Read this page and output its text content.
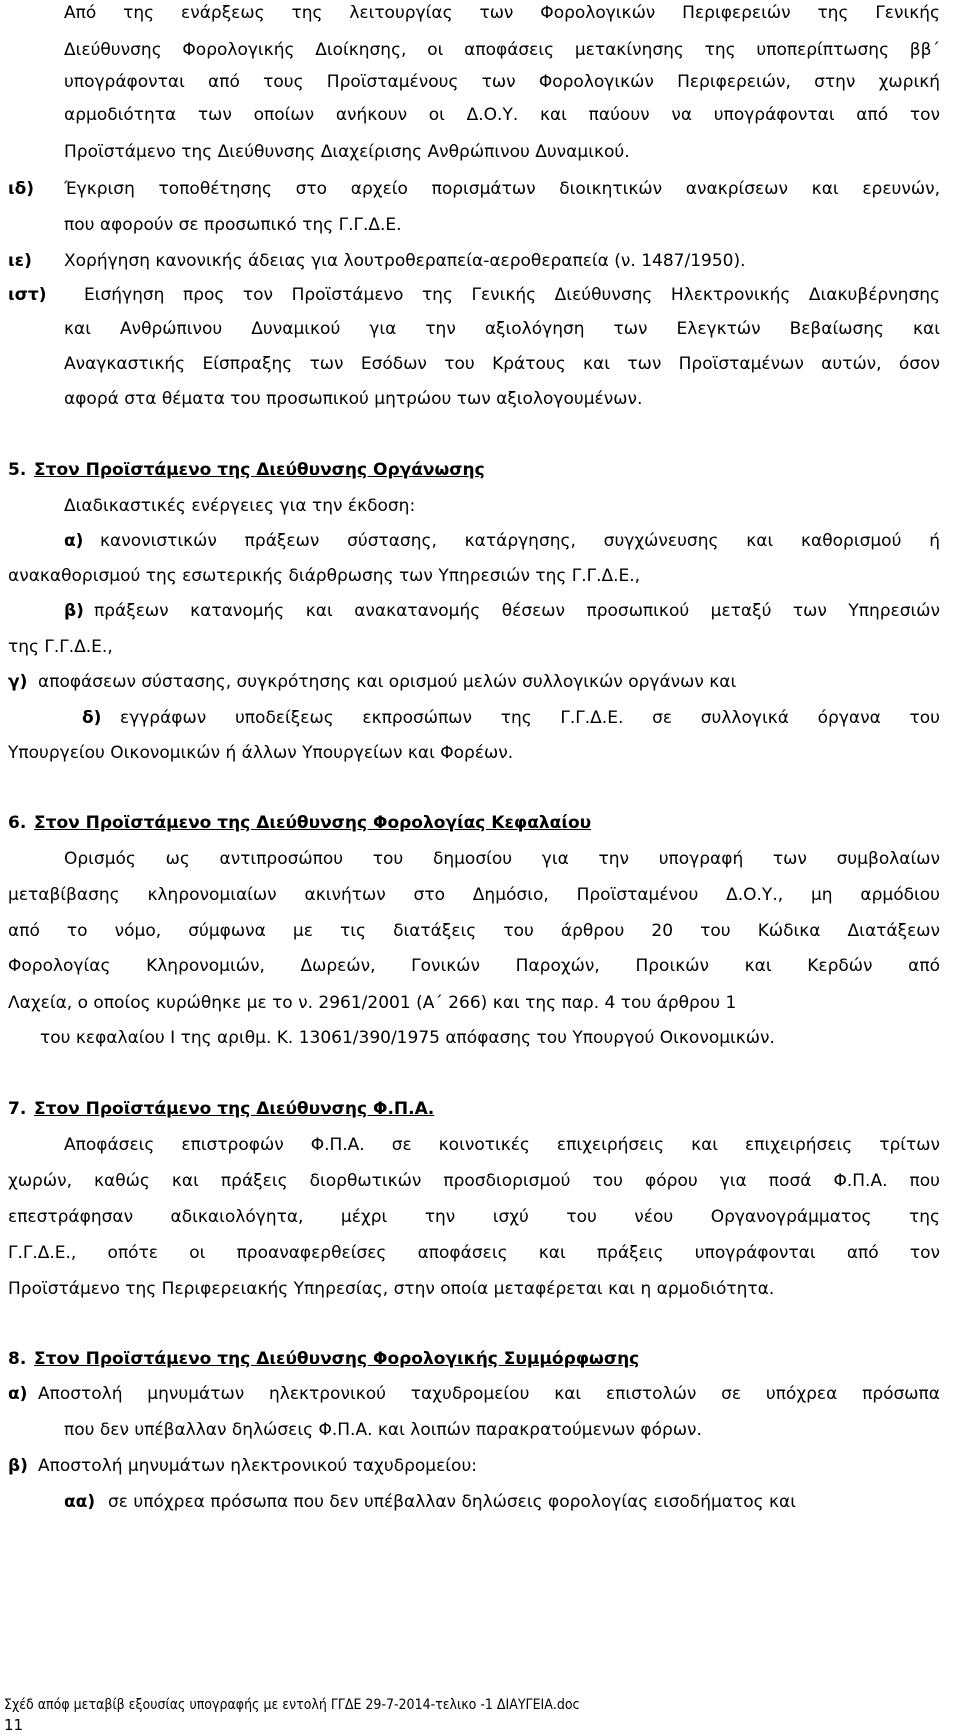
Από της ενάρξεως της λειτουργίας των Φορολογικών Περιφερειών της Γενικής
Διεύθυνσης Φορολογικής Διοίκησης, οι αποφάσεις μετακίνησης της υποπερίπτωσης ββ΄
υπογράφονται από τους Προϊσταμένους των Φορολογικών Περιφερειών, στην χωρική
αρμοδιότητα των οποίων ανήκουν οι Δ.Ο.Υ. και παύουν να υπογράφονται από τον
Προϊστάμενο της Διεύθυνσης Διαχείρισης Ανθρώπινου Δυναμικού.
ιδ) Έγκριση τοποθέτησης στο αρχείο πορισμάτων διοικητικών ανακρίσεων και ερευνών,
που αφορούν σε προσωπικό της Γ.Γ.Δ.Ε.
ιε) Χορήγηση κανονικής άδειας για λουτροθεραπεία-αεροθεραπεία (ν. 1487/1950).
ιστ) Εισήγηση προς τον Προϊστάμενο της Γενικής Διεύθυνσης Ηλεκτρονικής Διακυβέρνησης
και Ανθρώπινου Δυναμικού για την αξιολόγηση των Ελεγκτών Βεβαίωσης και
Αναγκαστικής Είσπραξης των Εσόδων του Κράτους και των Προϊσταμένων αυτών, όσον
αφορά στα θέματα του προσωπικού μητρώου των αξιολογουμένων.
5. Στον Προϊστάμενο της Διεύθυνσης Οργάνωσης
Διαδικαστικές ενέργειες για την έκδοση:
α) κανονιστικών πράξεων σύστασης, κατάργησης, συγχώνευσης και καθορισμού ή
ανακαθορισμού της εσωτερικής διάρθρωσης των Υπηρεσιών της Γ.Γ.Δ.Ε.,
β) πράξεων κατανομής και ανακατανομής θέσεων προσωπικού μεταξύ των Υπηρεσιών
της Γ.Γ.Δ.Ε.,
γ) αποφάσεων σύστασης, συγκρότησης και ορισμού μελών συλλογικών οργάνων και
δ) εγγράφων υποδείξεως εκπροσώπων της Γ.Γ.Δ.Ε. σε συλλογικά όργανα του
Υπουργείου Οικονομικών ή άλλων Υπουργείων και Φορέων.
6. Στον Προϊστάμενο της Διεύθυνσης Φορολογίας Κεφαλαίου
Ορισμός ως αντιπροσώπου του δημοσίου για την υπογραφή των συμβολαίων
μεταβίβασης κληρονομιαίων ακινήτων στο Δημόσιο, Προϊσταμένου Δ.Ο.Υ., μη αρμόδιου
από το νόμο, σύμφωνα με τις διατάξεις του άρθρου 20 του Κώδικα Διατάξεων
Φορολογίας Κληρονομιών, Δωρεών, Γονικών Παροχών, Προικών και Κερδών από
Λαχεία, ο οποίος κυρώθηκε με το ν. 2961/2001 (Α΄ 266) και της παρ. 4 του άρθρου 1
του κεφαλαίου Ι της αριθμ. Κ. 13061/390/1975 απόφασης του Υπουργού Οικονομικών.
7. Στον Προϊστάμενο της Διεύθυνσης Φ.Π.Α.
Αποφάσεις επιστροφών Φ.Π.Α. σε κοινοτικές επιχειρήσεις και επιχειρήσεις τρίτων
χωρών, καθώς και πράξεις διορθωτικών προσδιορισμού του φόρου για ποσά Φ.Π.Α. που
επεστράφησαν αδικαιολόγητα, μέχρι την ισχύ του νέου Οργανογράμματος της
Γ.Γ.Δ.Ε., οπότε οι προαναφερθείσες αποφάσεις και πράξεις υπογράφονται από τον
Προϊστάμενο της Περιφερειακής Υπηρεσίας, στην οποία μεταφέρεται και η αρμοδιότητα.
8. Στον Προϊστάμενο της Διεύθυνσης Φορολογικής Συμμόρφωσης
α) Αποστολή μηνυμάτων ηλεκτρονικού ταχυδρομείου και επιστολών σε υπόχρεα πρόσωπα
που δεν υπέβαλλαν δηλώσεις Φ.Π.Α. και λοιπών παρακρατούμενων φόρων.
β) Αποστολή μηνυμάτων ηλεκτρονικού ταχυδρομείου:
αα) σε υπόχρεα πρόσωπα που δεν υπέβαλλαν δηλώσεις φορολογίας εισοδήματος και
Σχέδ απόφ μεταβίβ εξουσίας υπογραφής με εντολή ΓΓΔΕ 29-7-2014-τελικο -1 ΔΙΑΥΓΕΙΑ.doc
11
